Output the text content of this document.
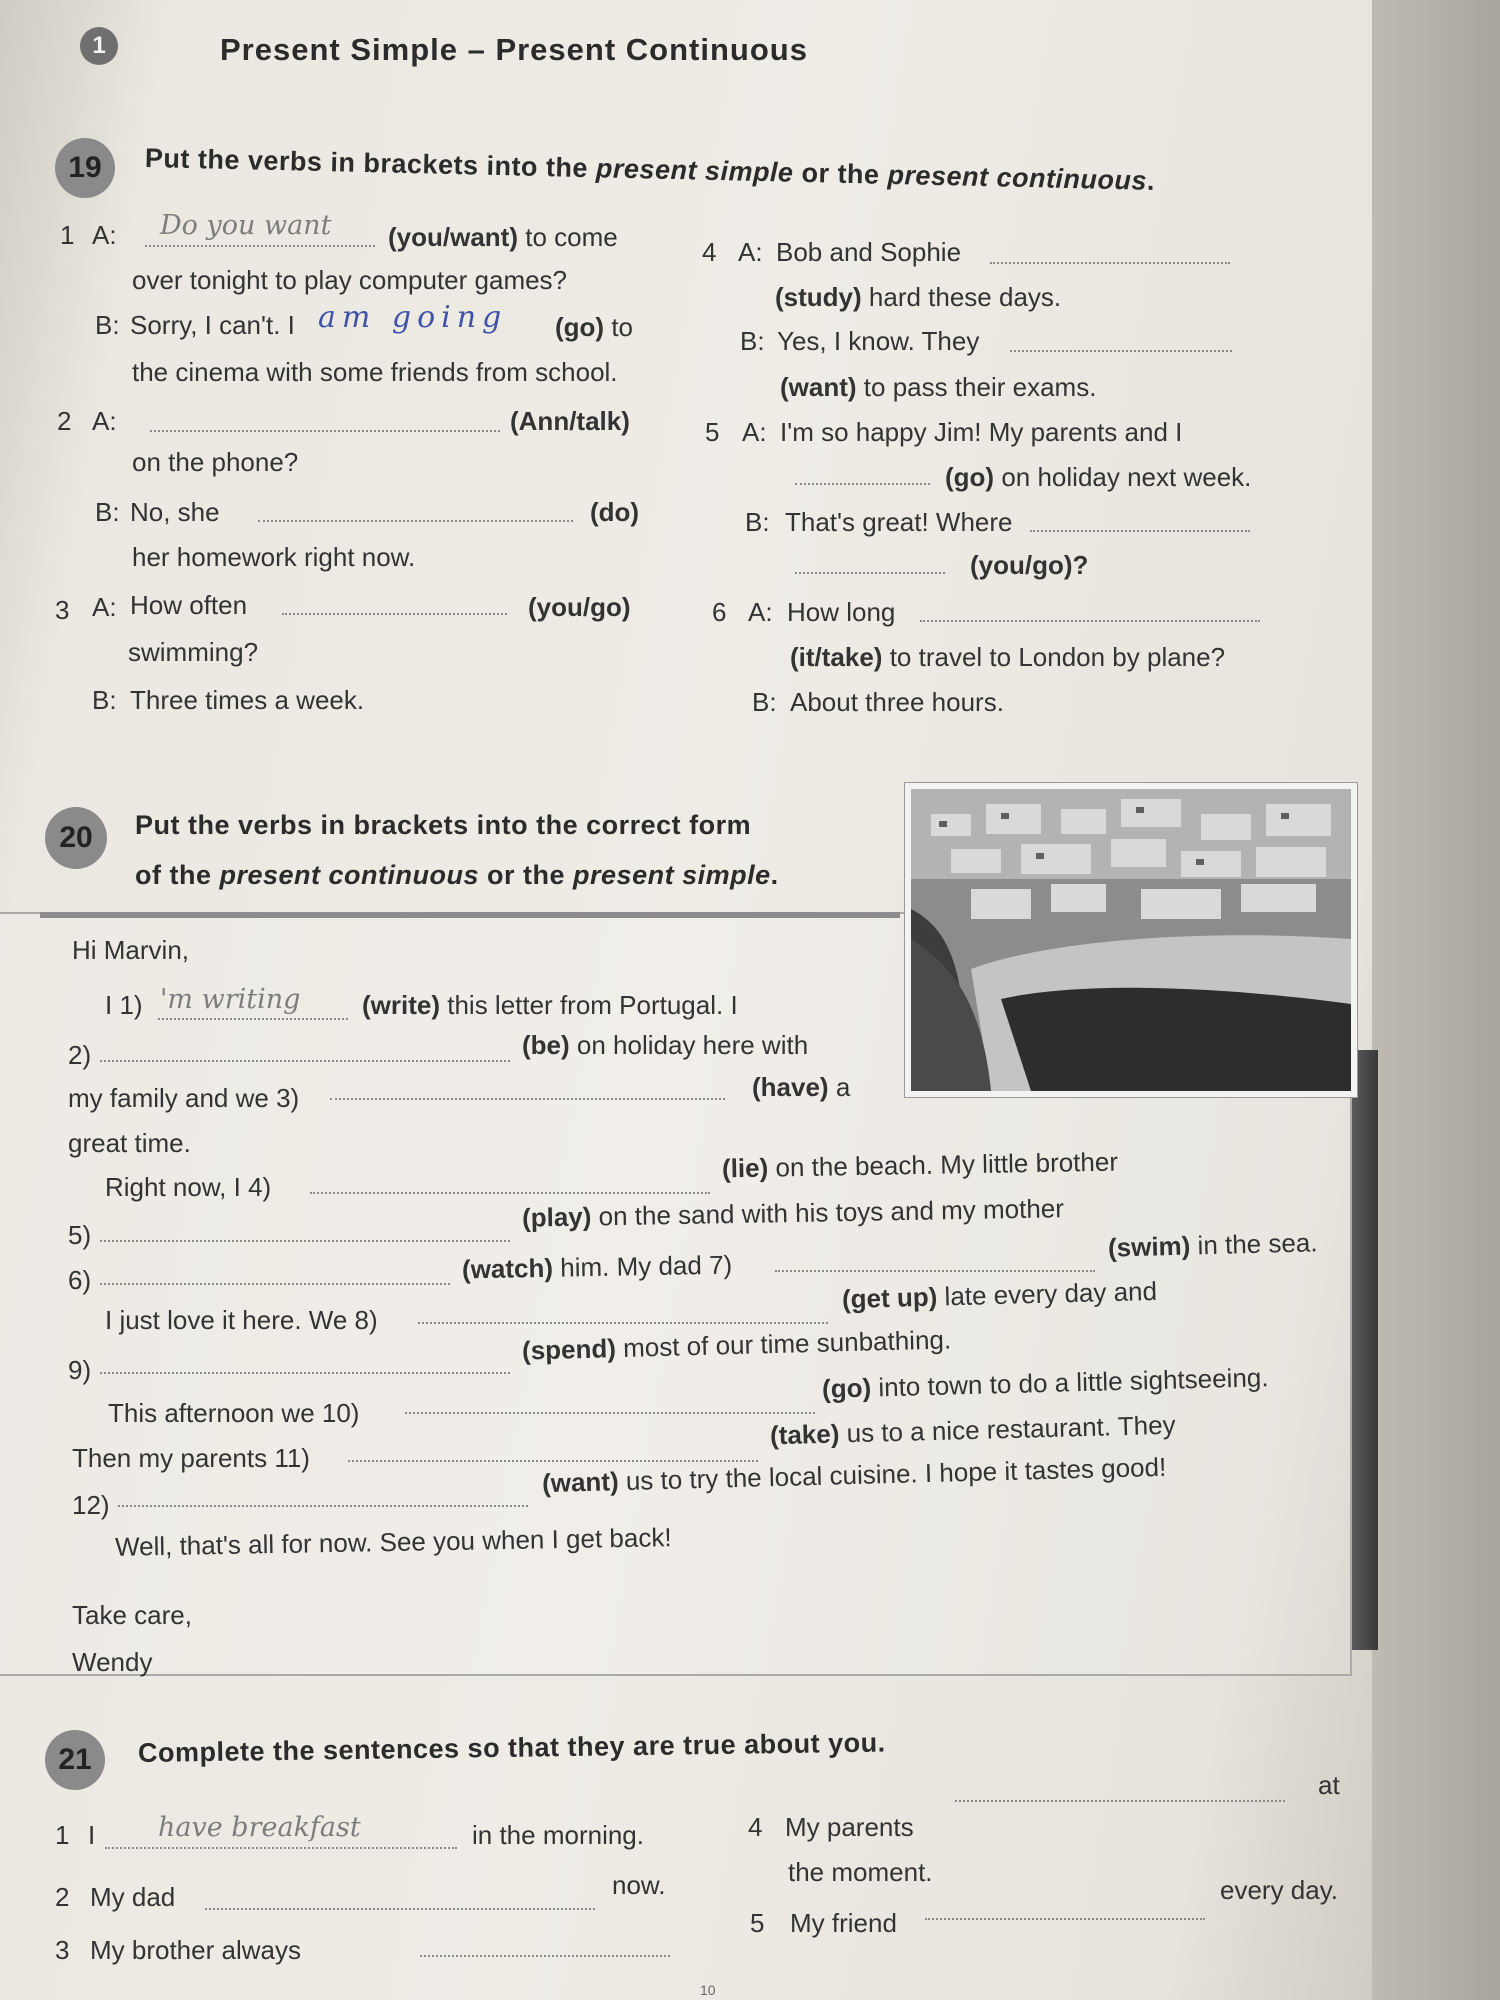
1	Present Simple – Present Continuous
19	Put the verbs in brackets into the present simple or the present continuous.
1 A: Do you want (you/want) to come
over tonight to play computer games?
B: Sorry, I can't. I am going (go) to
the cinema with some friends from school.
2 A:	(Ann/talk)
on the phone?
B: No, she	(do)
her homework right now.
3 A: How often	(you/go)
swimming?
B: Three times a week.
4 A: Bob and Sophie
(study) hard these days.
B: Yes, I know. They
(want) to pass their exams.
5 A: I'm so happy Jim! My parents and I
(go) on holiday next week.
B: That's great! Where
(you/go)?
6 A: How long
(it/take) to travel to London by plane?
B: About three hours.
20	Put the verbs in brackets into the correct form
of the present continuous or the present simple.
Hi Marvin,
I 1) 'm writing (write) this letter from Portugal. I
2)	(be) on holiday here with
my family and we 3)	(have) a
great time.
Right now, I 4)
(lie) on the beach. My little brother
5)
(play) on the sand with his toys and my mother
6)	(watch) him. My dad 7)
(swim) in the sea.
I just love it here. We 8)
(get up) late every day and
9)
(spend) most of our time sunbathing.
This afternoon we 10)
(go) into town to do a little sightseeing.
Then my parents 11)
(take) us to a nice restaurant. They
12)
(want) us to try the local cuisine. I hope it tastes good!
Well, that's all for now. See you when I get back!
Take care,
Wendy
21	Complete the sentences so that they are true about you.
1 I have breakfast	in the morning.
2 My dad	now.
3 My brother always
4 My parents
at
the moment.
5 My friend
every day.
10
